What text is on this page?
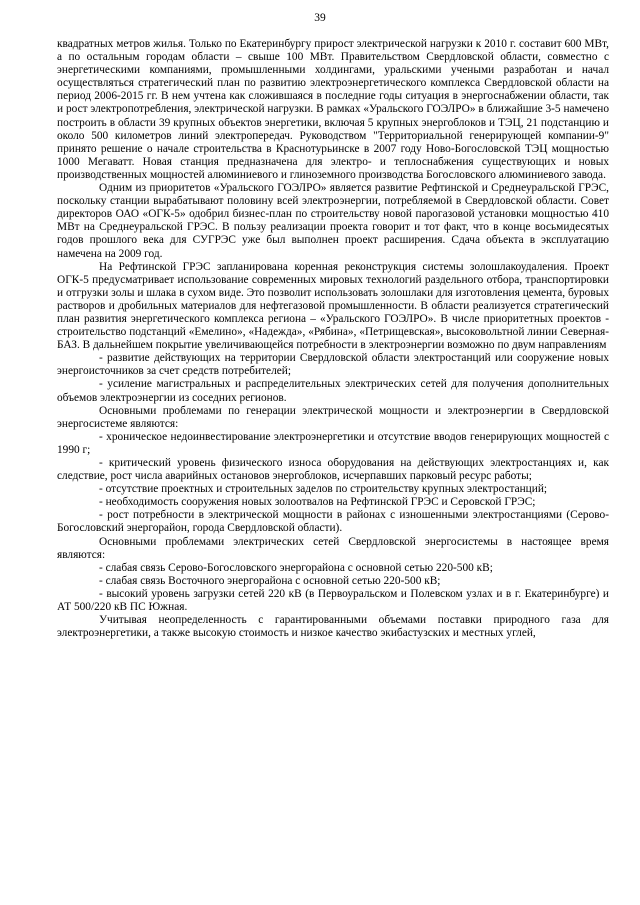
39

квадратных метров жилья. Только по Екатеринбургу прирост электрической нагрузки к 2010 г. составит 600 МВт, а по остальным городам области – свыше 100 МВт. Правительством Свердловской области, совместно с энергетическими компаниями, промышленными холдингами, уральскими учеными разработан и начал осуществляться стратегический план по развитию электроэнергетического комплекса Свердловской области на период 2006-2015 гг. В нем учтена как сложившаяся в последние годы ситуация в энергоснабжении области, так и рост электропотребления, электрической нагрузки. В рамках «Уральского ГОЭЛРО» в ближайшие 3-5 намечено построить в области 39 крупных объектов энергетики, включая 5 крупных энергоблоков и ТЭЦ, 21 подстанцию и около 500 километров линий электропередач. Руководством "Территориальной генерирующей компании-9" принято решение о начале строительства в Краснотурьинске в 2007 году Ново-Богословской ТЭЦ мощностью 1000 Мегаватт. Новая станция предназначена для электро- и теплоснабжения существующих и новых производственных мощностей алюминиевого и глиноземного производства Богословского алюминиевого завода.

Одним из приоритетов «Уральского ГОЭЛРО» является развитие Рефтинской и Среднеуральской ГРЭС, поскольку станции вырабатывают половину всей электроэнергии, потребляемой в Свердловской области. Совет директоров ОАО «ОГК-5» одобрил бизнес-план по строительству новой парогазовой установки мощностью 410 МВт на Среднеуральской ГРЭС. В пользу реализации проекта говорит и тот факт, что в конце восьмидесятых годов прошлого века для СУГРЭС уже был выполнен проект расширения. Сдача объекта в эксплуатацию намечена на 2009 год.

На Рефтинской ГРЭС запланирована коренная реконструкция системы золошлакоудаления. Проект ОГК-5 предусматривает использование современных мировых технологий раздельного отбора, транспортировки и отгрузки золы и шлака в сухом виде. Это позволит использовать золошлаки для изготовления цемента, буровых растворов и дробильных материалов для нефтегазовой промышленности. В области реализуется стратегический план развития энергетического комплекса региона – «Уральского ГОЭЛРО». В числе приоритетных проектов - строительство подстанций «Емелино», «Надежда», «Рябина», «Петрищевская», высоковольтной линии Северная-БАЗ. В дальнейшем покрытие увеличивающейся потребности в электроэнергии возможно по двум направлениям

- развитие действующих на территории Свердловской области электростанций или сооружение новых энергоисточников за счет средств потребителей;

- усиление магистральных и распределительных электрических сетей для получения дополнительных объемов электроэнергии из соседних регионов.

Основными проблемами по генерации электрической мощности и электроэнергии в Свердловской энергосистеме являются:

- хроническое недоинвестирование электроэнергетики и отсутствие вводов генерирующих мощностей с 1990 г;

- критический уровень физического износа оборудования на действующих электростанциях и, как следствие, рост числа аварийных остановов энергоблоков, исчерпавших парковый ресурс работы;

- отсутствие проектных и строительных заделов по строительству крупных электростанций;

- необходимость сооружения новых золоотвалов на Рефтинской ГРЭС и Серовской ГРЭС;

- рост потребности в электрической мощности в районах с изношенными электростанциями (Серово-Богословский энергорайон, города Свердловской области).

Основными проблемами электрических сетей Свердловской энергосистемы в настоящее время являются:

- слабая связь Серово-Богословского энергорайона с основной сетью 220-500 кВ;

- слабая связь Восточного энергорайона с основной сетью 220-500 кВ;

- высокий уровень загрузки сетей 220 кВ (в Первоуральском и Полевском узлах и в г. Екатеринбурге) и АТ 500/220 кВ ПС Южная.

Учитывая неопределенность с гарантированными объемами поставки природного газа для электроэнергетики, а также высокую стоимость и низкое качество экибастузских и местных углей,
